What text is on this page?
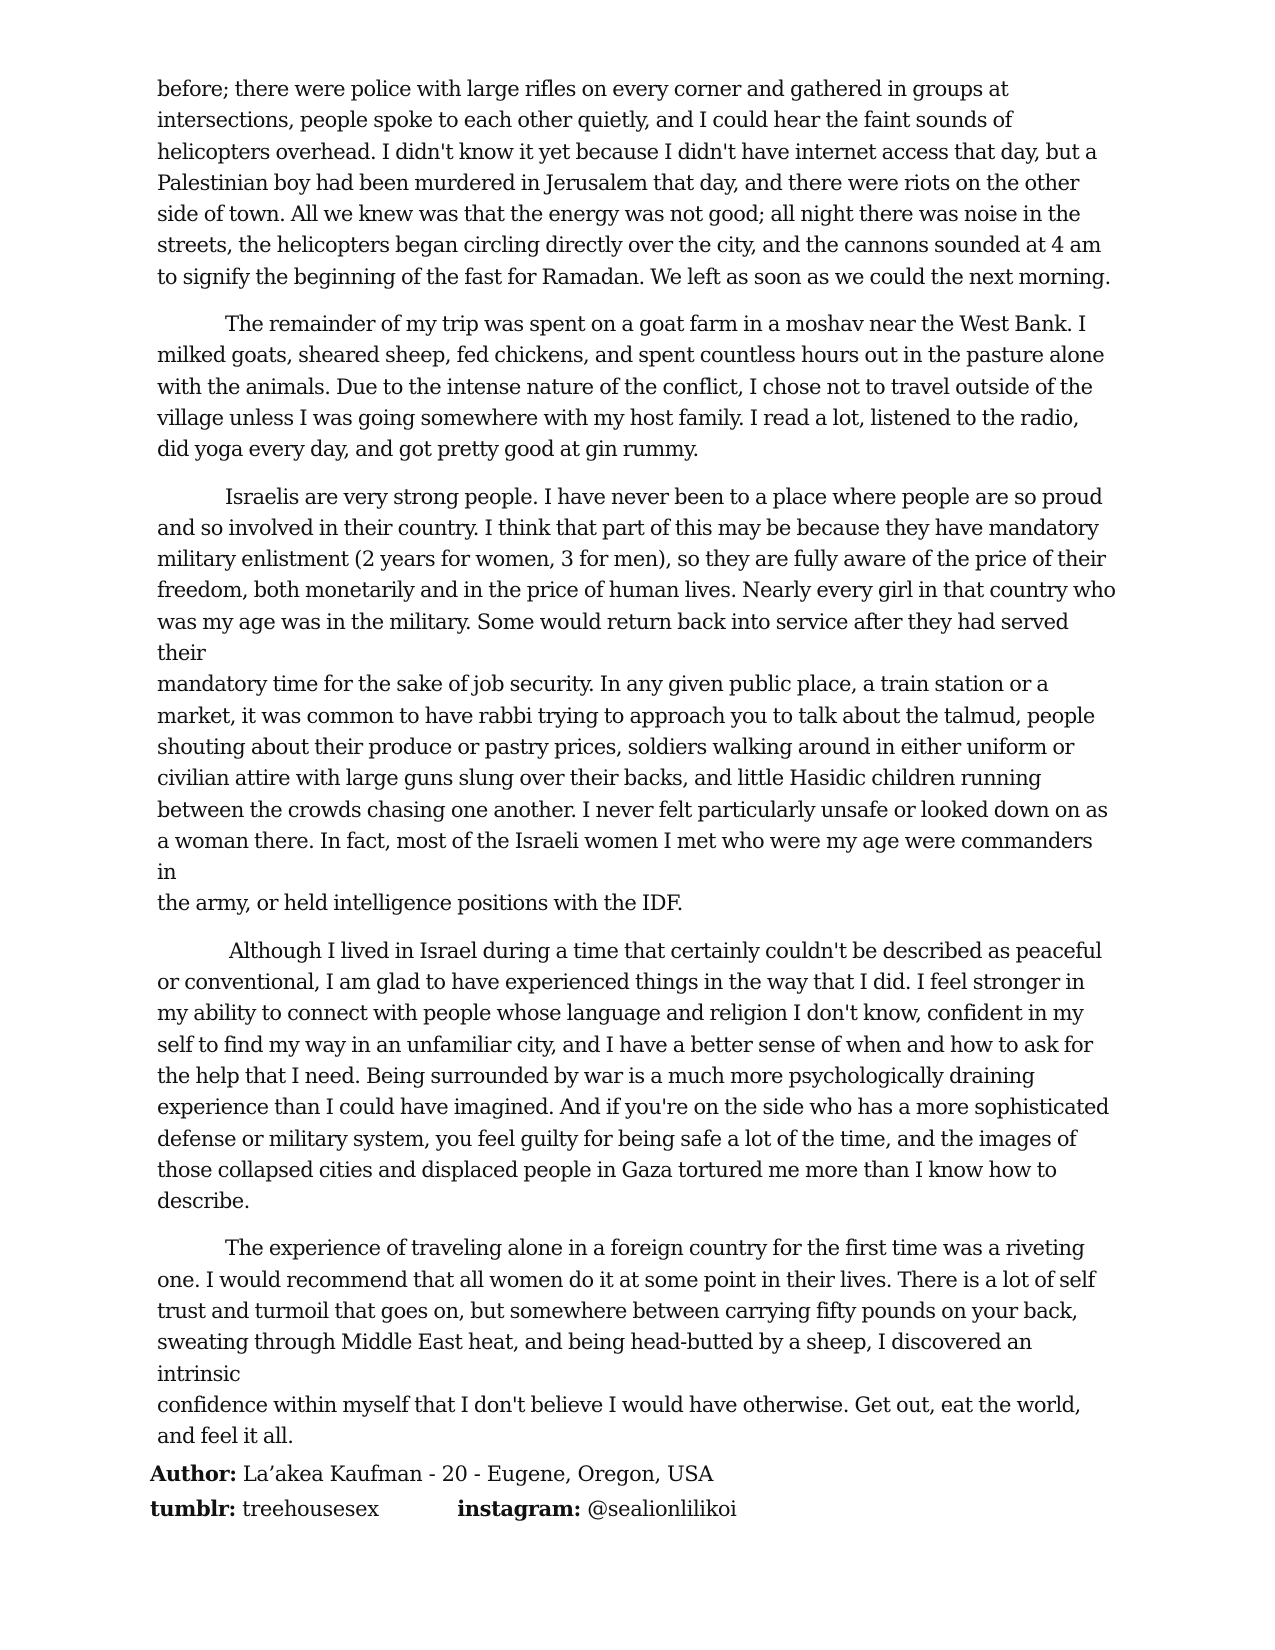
before; there were police with large rifles on every corner and gathered in groups at
intersections, people spoke to each other quietly, and I could hear the faint sounds of
helicopters overhead. I didn't know it yet because I didn't have internet access that day, but a
Palestinian boy had been murdered in Jerusalem that day, and there were riots on the other
side of town. All we knew was that the energy was not good; all night there was noise in the
streets, the helicopters began circling directly over the city, and the cannons sounded at 4 am
to signify the beginning of the fast for Ramadan. We left as soon as we could the next morning.

The remainder of my trip was spent on a goat farm in a moshav near the West Bank. I
milked goats, sheared sheep, fed chickens, and spent countless hours out in the pasture alone
with the animals. Due to the intense nature of the conflict, I chose not to travel outside of the
village unless I was going somewhere with my host family. I read a lot, listened to the radio,
did yoga every day, and got pretty good at gin rummy.

Israelis are very strong people. I have never been to a place where people are so proud
and so involved in their country. I think that part of this may be because they have mandatory
military enlistment (2 years for women, 3 for men), so they are fully aware of the price of their
freedom, both monetarily and in the price of human lives. Nearly every girl in that country who
was my age was in the military. Some would return back into service after they had served their
mandatory time for the sake of job security. In any given public place, a train station or a
market, it was common to have rabbi trying to approach you to talk about the talmud, people
shouting about their produce or pastry prices, soldiers walking around in either uniform or
civilian attire with large guns slung over their backs, and little Hasidic children running
between the crowds chasing one another. I never felt particularly unsafe or looked down on as
a woman there. In fact, most of the Israeli women I met who were my age were commanders in
the army, or held intelligence positions with the IDF.

Although I lived in Israel during a time that certainly couldn't be described as peaceful
or conventional, I am glad to have experienced things in the way that I did. I feel stronger in
my ability to connect with people whose language and religion I don't know, confident in my
self to find my way in an unfamiliar city, and I have a better sense of when and how to ask for
the help that I need. Being surrounded by war is a much more psychologically draining
experience than I could have imagined. And if you're on the side who has a more sophisticated
defense or military system, you feel guilty for being safe a lot of the time, and the images of
those collapsed cities and displaced people in Gaza tortured me more than I know how to
describe.

The experience of traveling alone in a foreign country for the first time was a riveting
one. I would recommend that all women do it at some point in their lives. There is a lot of self
trust and turmoil that goes on, but somewhere between carrying fifty pounds on your back,
sweating through Middle East heat, and being head-butted by a sheep, I discovered an intrinsic
confidence within myself that I don't believe I would have otherwise. Get out, eat the world,
and feel it all.

Author: La’akea Kaufman - 20 - Eugene, Oregon, USA
tumblr: treehousesex	instagram: @sealionlilikoi
